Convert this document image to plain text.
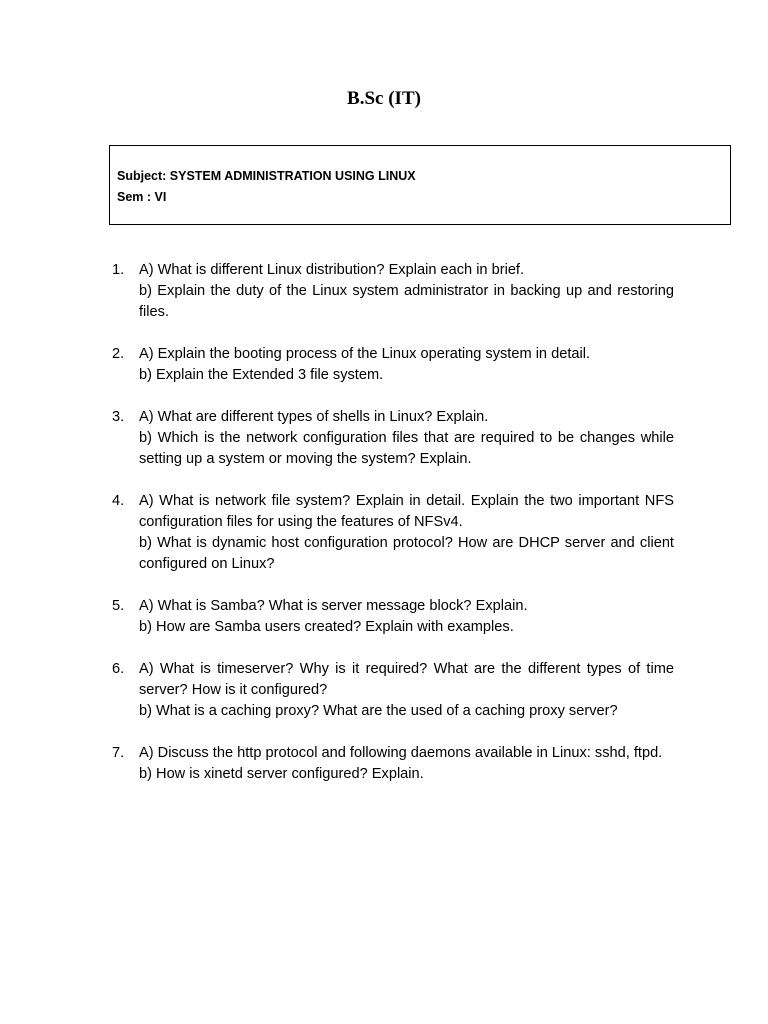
B.Sc (IT)
Subject: SYSTEM ADMINISTRATION USING LINUX
Sem : VI
1.	A) What is different Linux distribution? Explain each in brief.

b) Explain the duty of the Linux system administrator in backing up and restoring files.

2.	A) Explain the booting process of the Linux operating system in detail.

b) Explain the Extended 3 file system.

3.	A) What are different types of shells in Linux? Explain.

b) Which is the network configuration files that are required to be changes while setting up a system or moving the system? Explain.

4.	A) What is network file system? Explain in detail. Explain the two important NFS configuration files for using the features of NFSv4.

b) What is dynamic host configuration protocol? How are DHCP server and client configured on Linux?

5.	A) What is Samba? What is server message block? Explain.

b) How are Samba users created? Explain with examples.

6.	A) What is timeserver? Why is it required? What are the different types of time server? How is it configured?

b) What is a caching proxy? What are the used of a caching proxy server?

7.	A) Discuss the http protocol and following daemons available in Linux: sshd, ftpd.

b) How is xinetd server configured? Explain.
